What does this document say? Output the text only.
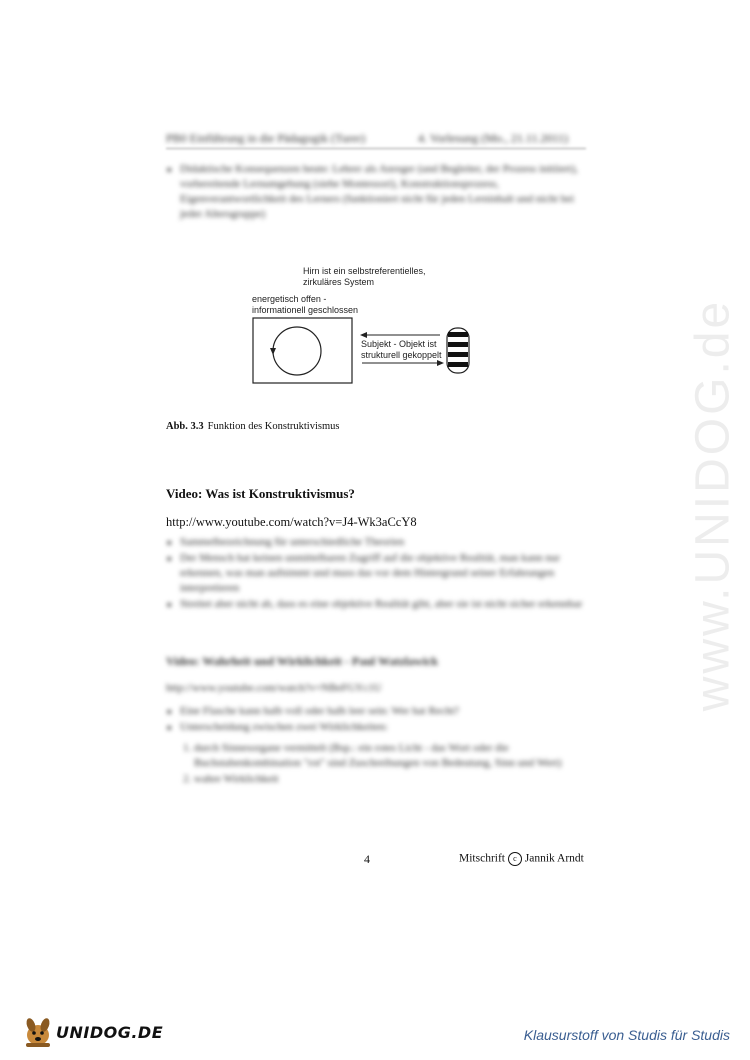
PB0 Einführung in die Pädagogik (Turer)	4. Vorlesung (Mo., 21.11.2011)
■ Didaktische Konsequenzen heute: Lehrer als Anreger (und Begleiter, der Prozess initiiert), vorbereitende Lernumgebung (siehe Montessori), Konstruktionsprozess, Eigenverantwortlichkeit des Lerners (funktioniert nicht für jeden Lerninhalt und nicht bei jeder Altersgruppe)
Hirn ist ein selbstreferentielles,
zirkuläres System
energetisch offen -
informationell geschlossen
Subjekt - Objekt ist
strukturell gekoppelt
Abb. 3.3 Funktion des Konstruktivismus
Video: Was ist Konstruktivismus?
http://www.youtube.com/watch?v=J4-Wk3aCcY8
■ Sammelbezeichnung für unterschiedliche Theorien
■ Der Mensch hat keinen unmittelbaren Zugriff auf die objektive Realität, man kann nur erkennen, was man aufnimmt und muss das vor dem Hintergrund seiner Erfahrungen interpretieren
■ Streitet aber nicht ab, dass es eine objektive Realität gibt, aber sie ist nicht sicher erkennbar
Video: Wahrheit und Wirklichkeit - Paul Watzlawick
http://www.youtube.com/watch?v=NBeFGYc1U
■ Eine Flasche kann halb voll oder halb leer sein: Wer hat Recht?
■ Unterscheidung zwischen zwei Wirklichkeiten:
1. durch Sinnesorgane vermittelt (Bsp.: ein rotes Licht - das Wort oder die Buchstabenkombination "rot" sind Zuschreibungen von Bedeutung, Sinn und Wert)
2. wahre Wirklichkeit
4	Mitschrift c Jannik Arndt
www.UNIDOG.de
UNIDOG.DE	Klausurstoff von Studis für Studis
